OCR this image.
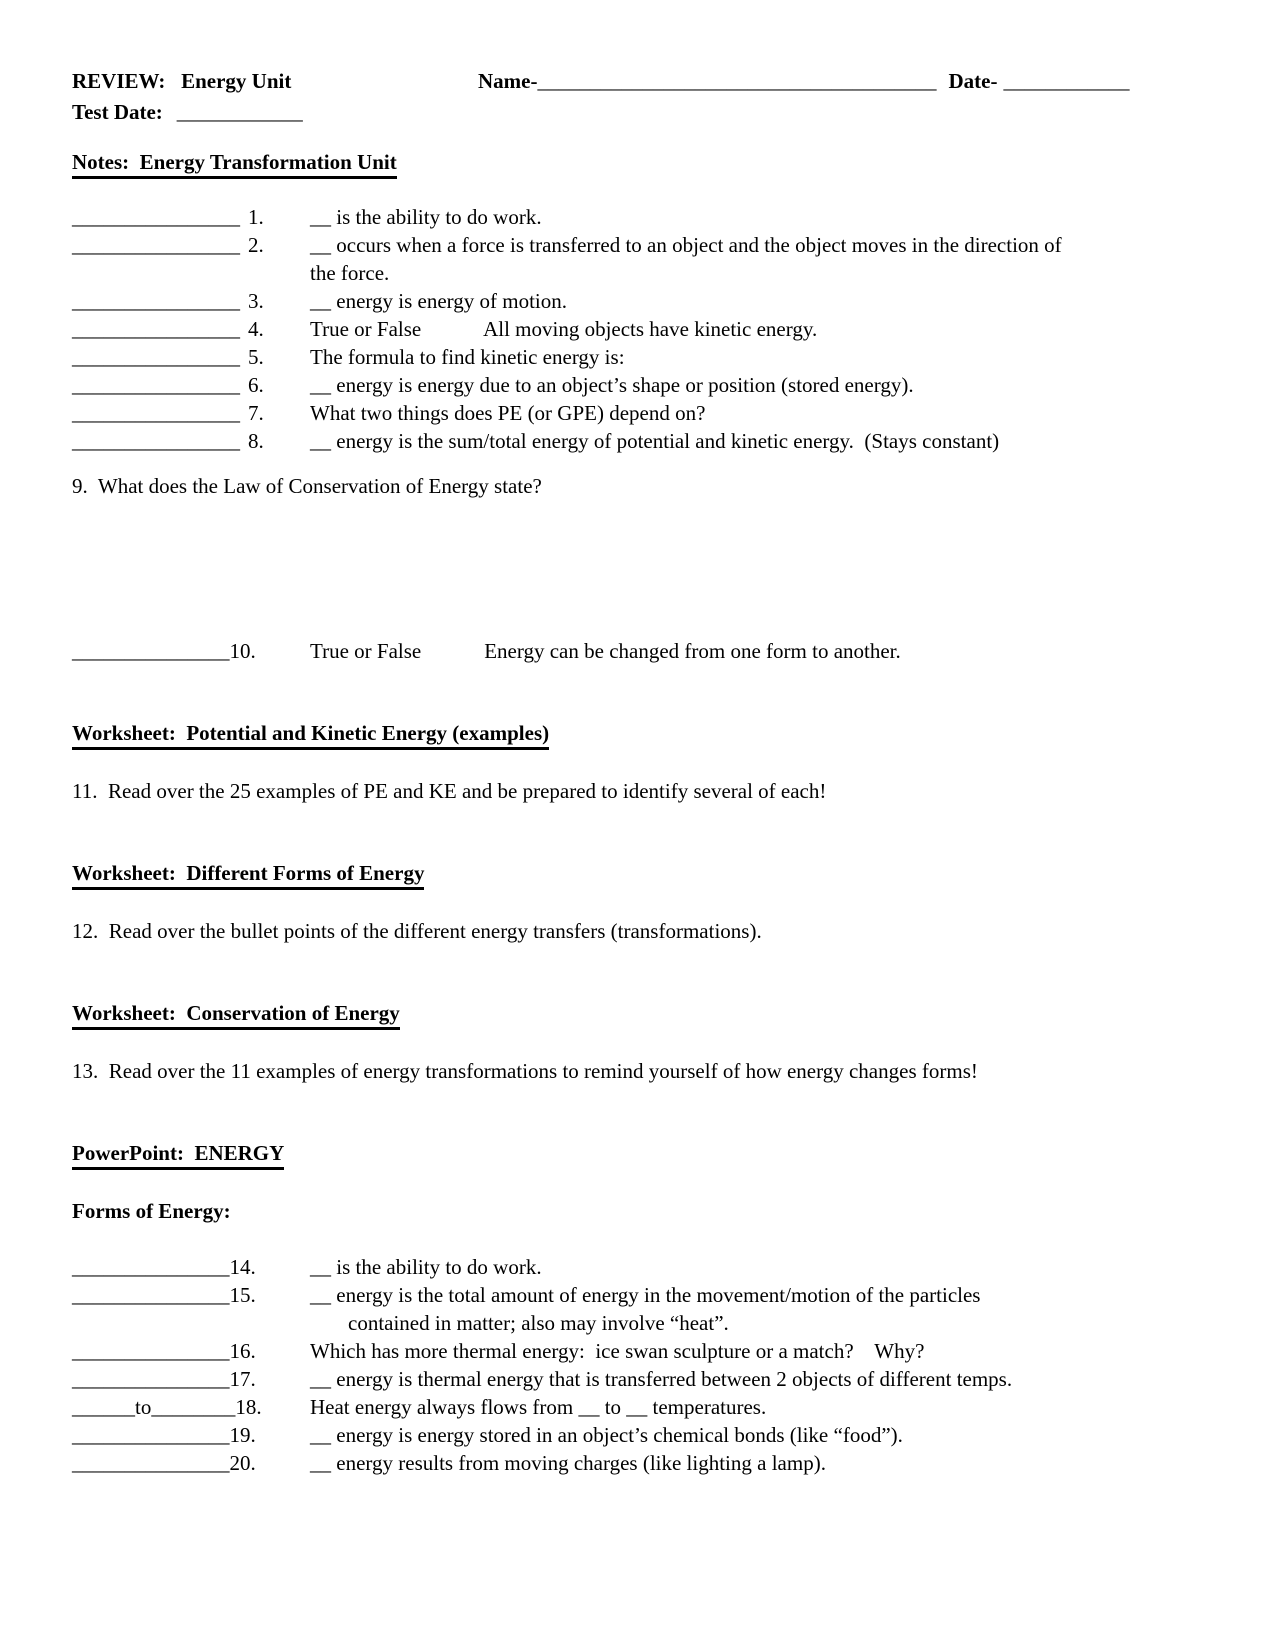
REVIEW:   Energy Unit	Name- ______________________________________ Date- ____________
Test Date: ____________
Notes:  Energy Transformation Unit
________________ 1.	__ is the ability to do work.
________________ 2.	__ occurs when a force is transferred to an object and the object moves in the direction of
the force.
________________ 3.	__ energy is energy of motion.
________________ 4.	True or False            All moving objects have kinetic energy.
________________ 5.	The formula to find kinetic energy is:
________________ 6.	__ energy is energy due to an object’s shape or position (stored energy).
________________ 7.	What two things does PE (or GPE) depend on?
________________ 8.	__ energy is the sum/total energy of potential and kinetic energy.  (Stays constant)

9.  What does the Law of Conservation of Energy state?

_______________10.	True or False            Energy can be changed from one form to another.
Worksheet:  Potential and Kinetic Energy (examples)

11.  Read over the 25 examples of PE and KE and be prepared to identify several of each!

Worksheet:  Different Forms of Energy

12.  Read over the bullet points of the different energy transfers (transformations).

Worksheet:  Conservation of Energy

13.  Read over the 11 examples of energy transformations to remind yourself of how energy changes forms!

PowerPoint:  ENERGY

Forms of Energy:

_______________14.	__ is the ability to do work.
_______________15.	__ energy is the total amount of energy in the movement/motion of the particles
contained in matter; also may involve “heat”.
_______________16.	Which has more thermal energy:  ice swan sculpture or a match?    Why?
_______________17.	__ energy is thermal energy that is transferred between 2 objects of different temps.
______to________18.	Heat energy always flows from __ to __ temperatures.
_______________19.	__ energy is energy stored in an object’s chemical bonds (like “food”).
_______________20.	__ energy results from moving charges (like lighting a lamp).
